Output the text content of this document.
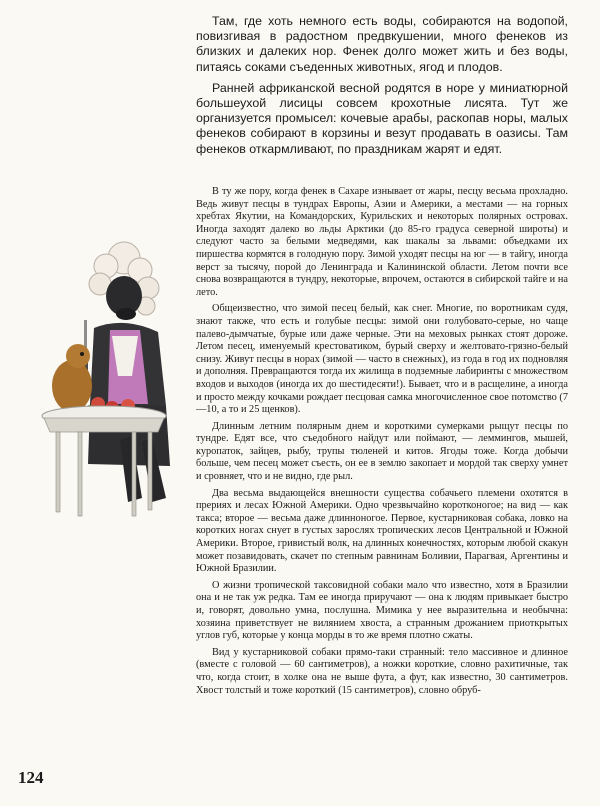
Там, где хоть немного есть воды, собираются на водопой, повизгивая в радостном предвкушении, много фенеков из близких и далеких нор. Фенек долго может жить и без воды, питаясь соками съеденных животных, ягод и плодов.

Ранней африканской весной родятся в норе у миниатюрной большеухой лисицы совсем крохотные лисята. Тут же организуется промысел: кочевые арабы, раскопав норы, малых фенеков собирают в корзины и везут продавать в оазисы. Там фенеков откармливают, по праздникам жарят и едят.

В ту же пору, когда фенек в Сахаре изнывает от жары, песцу весьма прохладно. Ведь живут песцы в тундрах Европы, Азии и Америки, а местами — на горных хребтах Якутии, на Командорских, Курильских и некоторых полярных островах. Иногда заходят далеко во льды Арктики (до 85-го градуса северной широты) и следуют часто за белыми медведями, как шакалы за львами: объедками их пиршества кормятся в голодную пору. Зимой уходят песцы на юг — в тайгу, иногда верст за тысячу, порой до Ленинграда и Калининской области. Летом почти все снова возвращаются в тундру, некоторые, впрочем, остаются в сибирской тайге и на лето.

Общеизвестно, что зимой песец белый, как снег. Многие, по воротникам судя, знают также, что есть и голубые песцы: зимой они голубовато-серые, но чаще палево-дымчатые, бурые или даже черные. Эти на меховых рынках стоят дороже. Летом песец, именуемый крестоватиком, бурый сверху и желтовато-грязно-белый снизу. Живут песцы в норах (зимой — часто в снежных), из года в год их подновляя и дополняя. Превращаются тогда их жилища в подземные лабиринты с множеством входов и выходов (иногда их до шестидесяти!). Бывает, что и в расщелине, а иногда и просто между кочками рождает песцовая самка многочисленное свое потомство (7—10, а то и 25 щенков).

Длинным летним полярным днем и короткими сумерками рыщут песцы по тундре. Едят все, что съедобного найдут или поймают, — леммингов, мышей, куропаток, зайцев, рыбу, трупы тюленей и китов. Ягоды тоже. Когда добычи больше, чем песец может съесть, он ее в землю закопает и мордой так сверху умнет и сровняет, что и не видно, где рыл.

Два весьма выдающейся внешности существа собачьего племени охотятся в прериях и лесах Южной Америки. Одно чрезвычайно коротконогое; на вид — как такса; второе — весьма даже длинноногое. Первое, кустарниковая собака, ловко на коротких ногах снует в густых зарослях тропических лесов Центральной и Южной Америки. Второе, гривистый волк, на длинных конечностях, которым любой скакун может позавидовать, скачет по степным равнинам Боливии, Парагвая, Аргентины и Южной Бразилии.

О жизни тропической таксовидной собаки мало что известно, хотя в Бразилии она и не так уж редка. Там ее иногда приручают — она к людям привыкает быстро и, говорят, довольно умна, послушна. Мимика у нее выразительна и необычна: хозяина приветствует не вилянием хвоста, а странным дрожанием приоткрытых углов губ, которые у конца морды в то же время плотно сжаты.

Вид у кустарниковой собаки прямо-таки странный: тело массивное и длинное (вместе с головой — 60 сантиметров), а ножки короткие, словно рахитичные, так что, когда стоит, в холке она не выше фута, а фут, как известно, 30 сантиметров. Хвост толстый и тоже короткий (15 сантиметров), словно обруб-

124
